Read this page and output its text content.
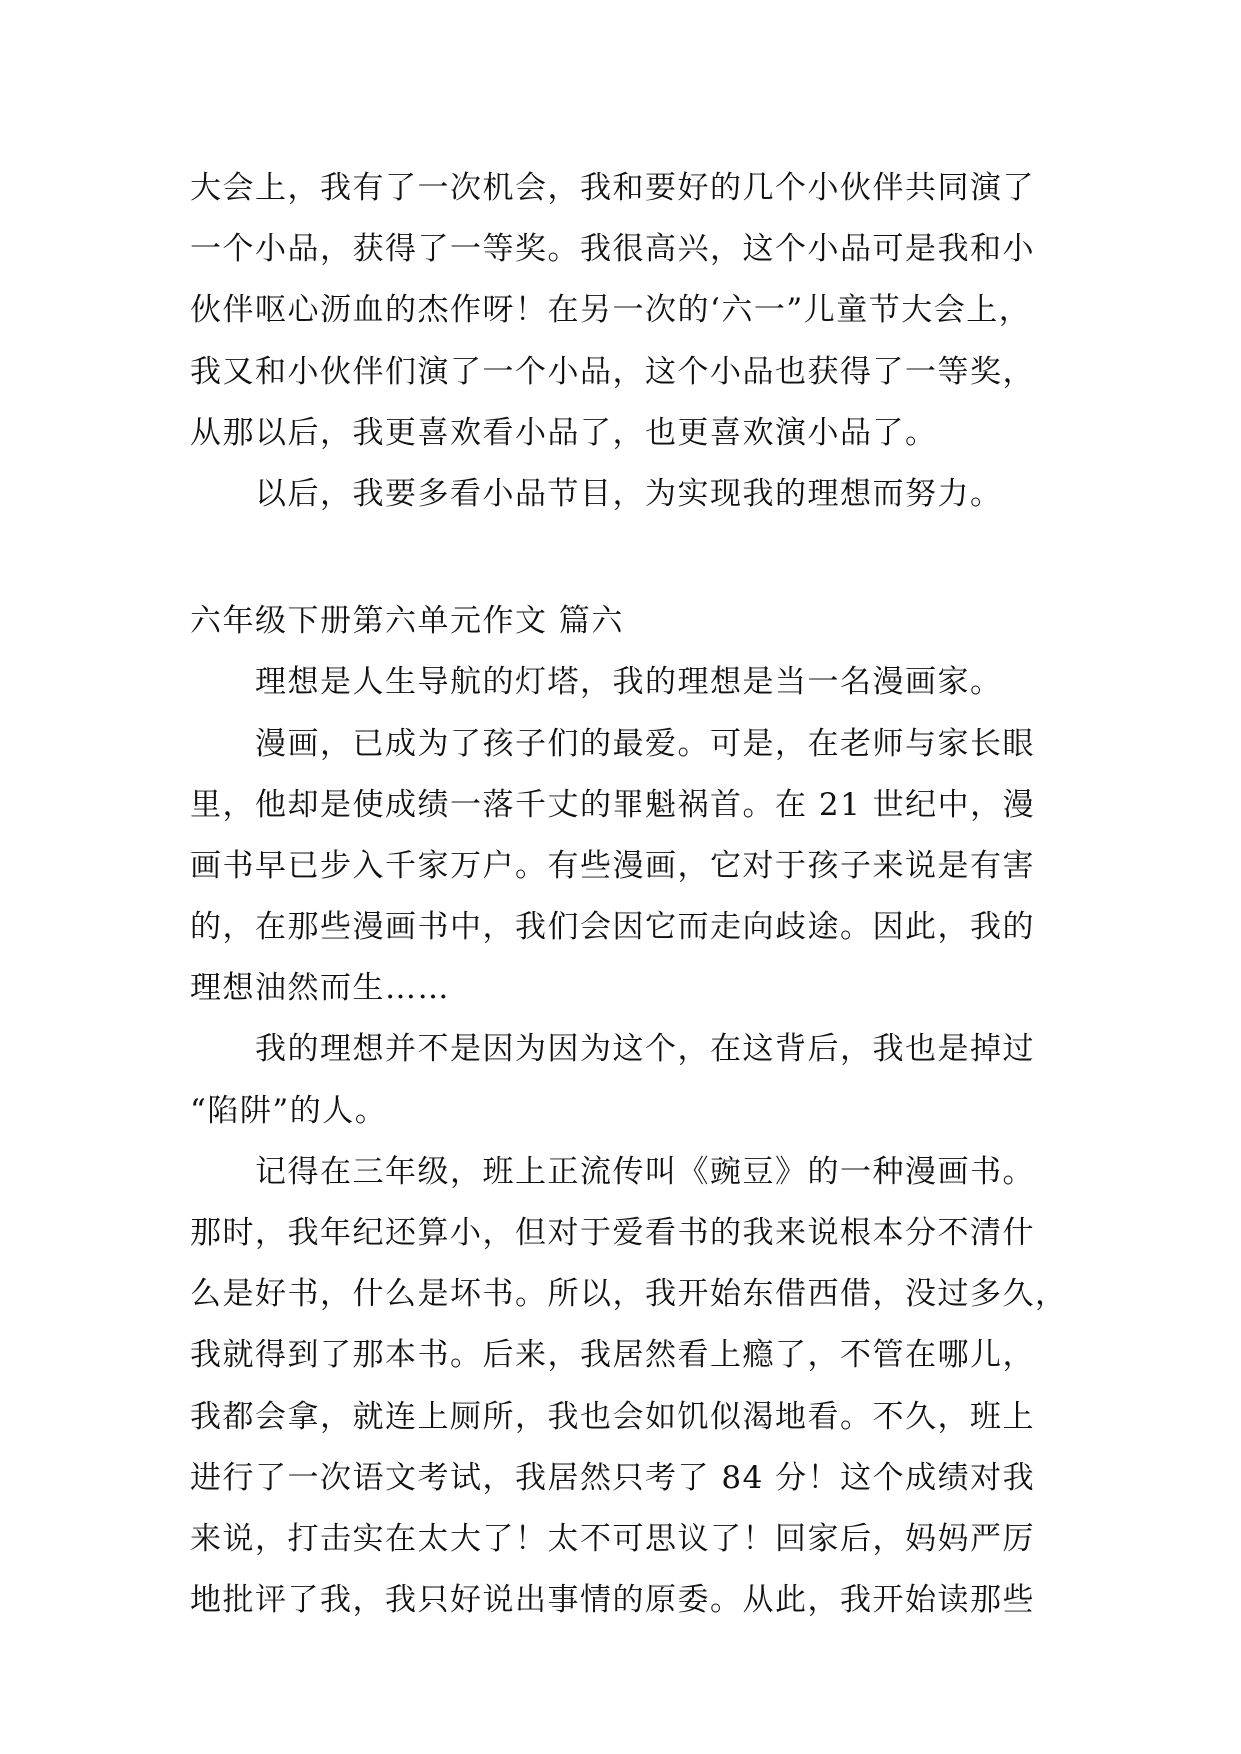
大会上，我有了一次机会，我和要好的几个小伙伴共同演了
一个小品，获得了一等奖。我很高兴，这个小品可是我和小
伙伴呕心沥血的杰作呀！在另一次的‘六一”儿童节大会上，
我又和小伙伴们演了一个小品，这个小品也获得了一等奖，
从那以后，我更喜欢看小品了，也更喜欢演小品了。
以后，我要多看小品节目，为实现我的理想而努力。
六年级下册第六单元作文 篇六
理想是人生导航的灯塔，我的理想是当一名漫画家。
漫画，已成为了孩子们的最爱。可是，在老师与家长眼
里，他却是使成绩一落千丈的罪魁祸首。在 21 世纪中，漫
画书早已步入千家万户。有些漫画，它对于孩子来说是有害
的，在那些漫画书中，我们会因它而走向歧途。因此，我的
理想油然而生……
我的理想并不是因为因为这个，在这背后，我也是掉过
“陷阱”的人。
记得在三年级，班上正流传叫《豌豆》的一种漫画书。
那时，我年纪还算小，但对于爱看书的我来说根本分不清什
么是好书，什么是坏书。所以，我开始东借西借，没过多久，
我就得到了那本书。后来，我居然看上瘾了，不管在哪儿，
我都会拿，就连上厕所，我也会如饥似渴地看。不久，班上
进行了一次语文考试，我居然只考了 84 分！这个成绩对我
来说，打击实在太大了！太不可思议了！回家后，妈妈严厉
地批评了我，我只好说出事情的原委。从此，我开始读那些
